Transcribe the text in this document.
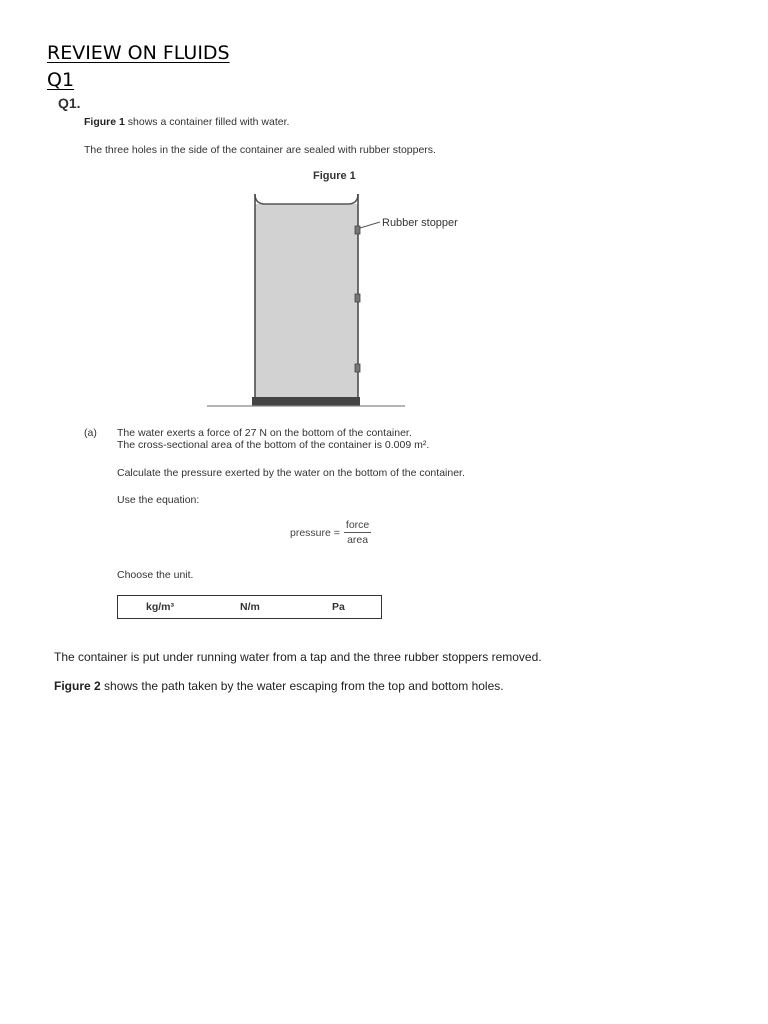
REVIEW ON FLUIDS
Q1
Q1.
Figure 1 shows a container filled with water.
The three holes in the side of the container are sealed with rubber stoppers.
Figure 1
Rubber stopper
(a) The water exerts a force of 27 N on the bottom of the container.
The cross-sectional area of the bottom of the container is 0.009 m².
Calculate the pressure exerted by the water on the bottom of the container.
Use the equation:
pressure = $\frac{\text{force}}{\text{area}}$
Choose the unit.
kg/m³	N/m	Pa
The container is put under running water from a tap and the three rubber stoppers removed.
Figure 2 shows the path taken by the water escaping from the top and bottom holes.
